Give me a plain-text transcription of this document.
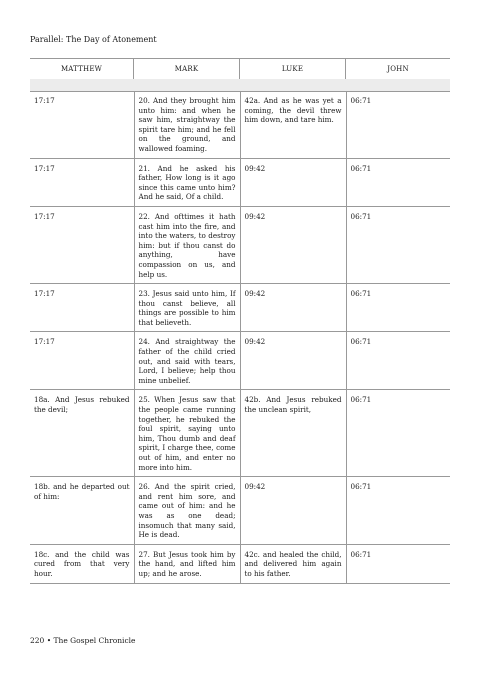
Parallel: The Day of Atonement
MATTHEW	MARK	LUKE	JOHN
17:17	20. And they brought him unto him: and when he saw him, straightway the spirit tare him; and he fell on the ground, and wallowed foaming.	42a. And as he was yet a coming, the devil threw him down, and tare him.	06:71
17:17	21. And he asked his father, How long is it ago since this came unto him? And he said, Of a child.	09:42	06:71
17:17	22. And ofttimes it hath cast him into the fire, and into the waters, to destroy him: but if thou canst do anything, have compassion on us, and help us.	09:42	06:71
17:17	23. Jesus said unto him, If thou canst believe, all things are possible to him that believeth.	09:42	06:71
17:17	24. And straightway the father of the child cried out, and said with tears, Lord, I believe; help thou mine unbelief.	09:42	06:71
18a. And Jesus rebuked the devil;	25. When Jesus saw that the people came running together, he rebuked the foul spirit, saying unto him, Thou dumb and deaf spirit, I charge thee, come out of him, and enter no more into him.	42b. And Jesus rebuked the unclean spirit,	06:71
18b. and he departed out of him:	26. And the spirit cried, and rent him sore, and came out of him: and he was as one dead; insomuch that many said, He is dead.	09:42	06:71
18c. and the child was cured from that very hour.	27. But Jesus took him by the hand, and lifted him up; and he arose.	42c. and healed the child, and delivered him again to his father.	06:71
220 • The Gospel Chronicle
